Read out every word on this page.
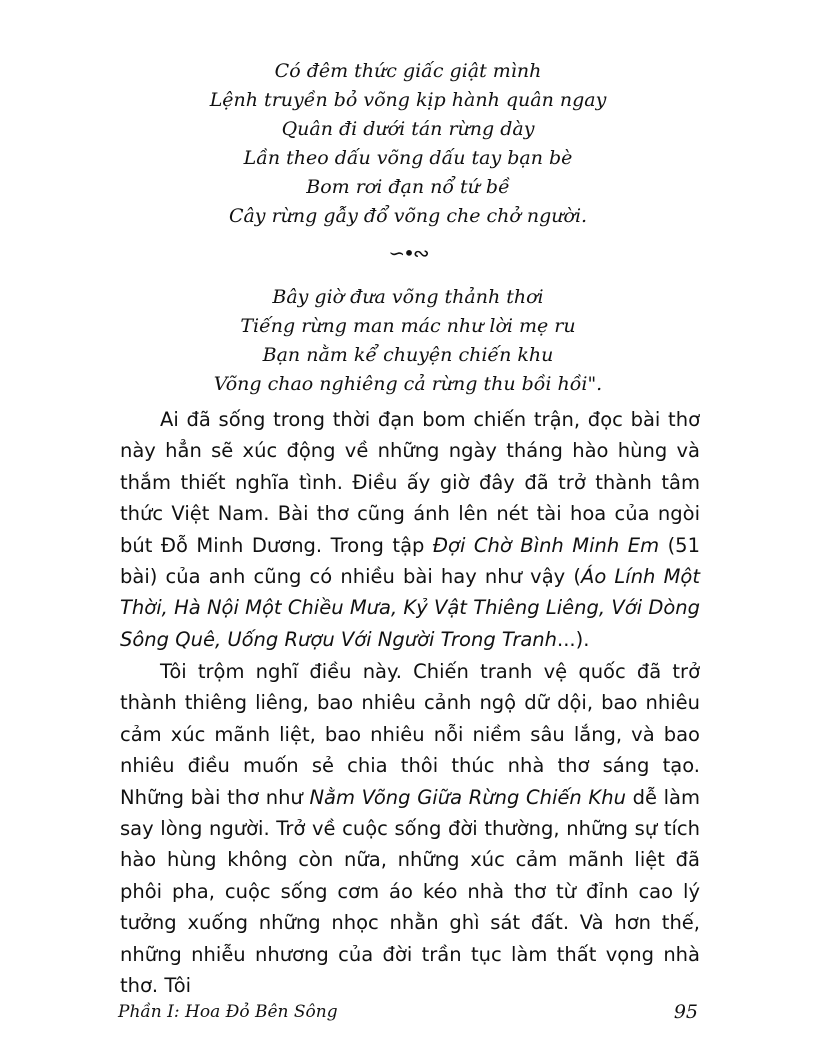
Có đêm thức giấc giật mình
Lệnh truyền bỏ võng kịp hành quân ngay
Quân đi dưới tán rừng dày
Lần theo dấu võng dấu tay bạn bè
Bom rơi đạn nổ tứ bề
Cây rừng gẫy đổ võng che chở người.
∽•∾
Bây giờ đưa võng thảnh thơi
Tiếng rừng man mác như lời mẹ ru
Bạn nằm kể chuyện chiến khu
Võng chao nghiêng cả rừng thu bồi hồi".

Ai đã sống trong thời đạn bom chiến trận, đọc bài thơ này hẳn sẽ xúc động về những ngày tháng hào hùng và thắm thiết nghĩa tình. Điều ấy giờ đây đã trở thành tâm thức Việt Nam. Bài thơ cũng ánh lên nét tài hoa của ngòi bút Đỗ Minh Dương. Trong tập Đợi Chờ Bình Minh Em (51 bài) của anh cũng có nhiều bài hay như vậy (Áo Lính Một Thời, Hà Nội Một Chiều Mưa, Kỷ Vật Thiêng Liêng, Với Dòng Sông Quê, Uống Rượu Với Người Trong Tranh...).

Tôi trộm nghĩ điều này. Chiến tranh vệ quốc đã trở thành thiêng liêng, bao nhiêu cảnh ngộ dữ dội, bao nhiêu cảm xúc mãnh liệt, bao nhiêu nỗi niềm sâu lắng, và bao nhiêu điều muốn sẻ chia thôi thúc nhà thơ sáng tạo. Những bài thơ như Nằm Võng Giữa Rừng Chiến Khu dễ làm say lòng người. Trở về cuộc sống đời thường, những sự tích hào hùng không còn nữa, những xúc cảm mãnh liệt đã phôi pha, cuộc sống cơm áo kéo nhà thơ từ đỉnh cao lý tưởng xuống những nhọc nhằn ghì sát đất. Và hơn thế, những nhiễu nhương của đời trần tục làm thất vọng nhà thơ. Tôi

Phần I: Hoa Đỏ Bên Sông	95
